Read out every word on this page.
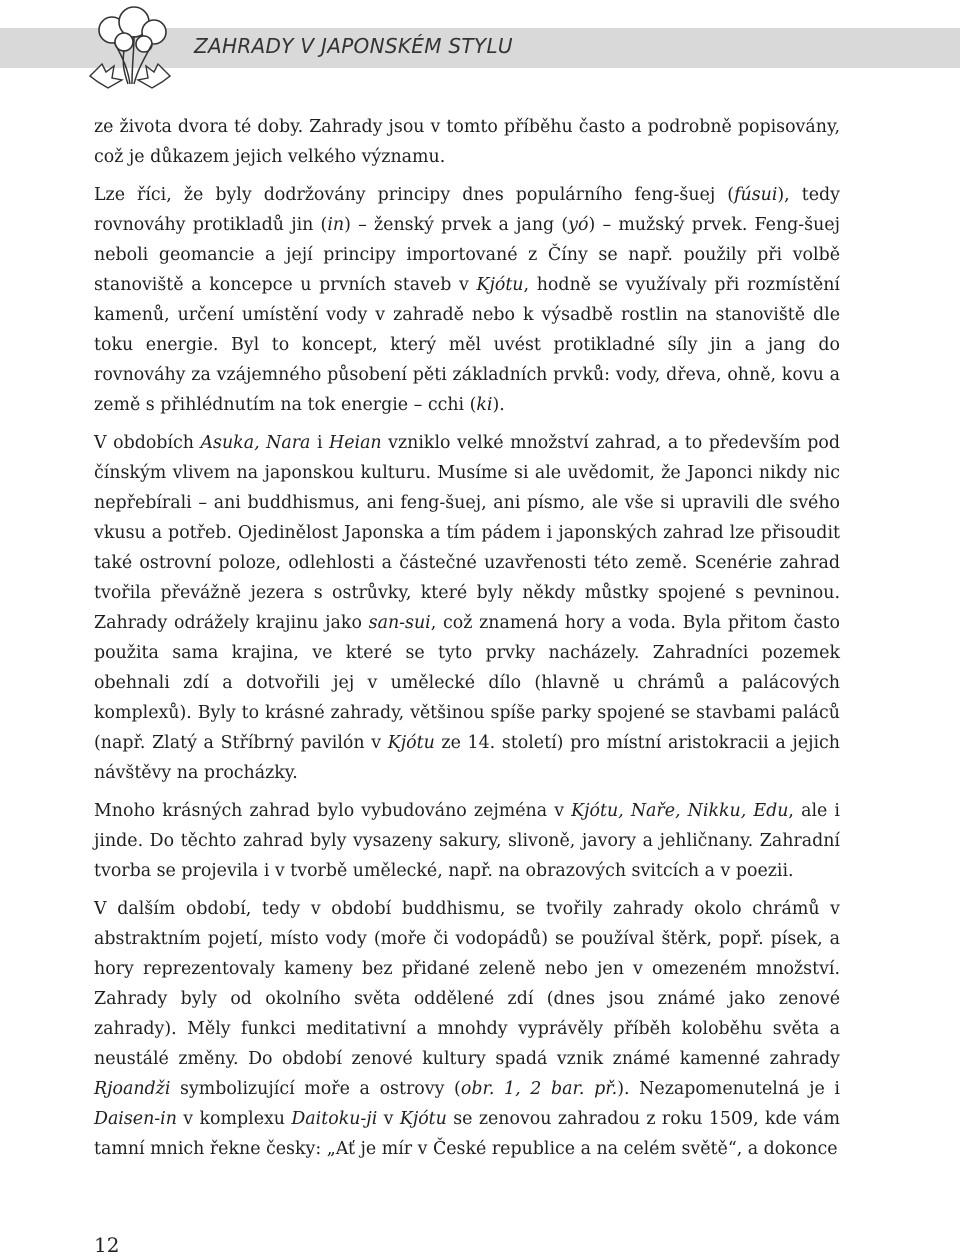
ZAHRADY V JAPONSKÉM STYLU

ze života dvora té doby. Zahrady jsou v tomto příběhu často a podrobně popisovány, což je důkazem jejich velkého významu.

Lze říci, že byly dodržovány principy dnes populárního feng-šuej (fúsui), tedy rovnováhy protikladů jin (in) – ženský prvek a jang (yó) – mužský prvek. Feng-šuej neboli geomancie a její principy importované z Číny se např. použily při volbě stanoviště a koncepce u prvních staveb v Kjótu, hodně se využívaly při rozmístění kamenů, určení umístění vody v zahradě nebo k výsadbě rostlin na stanoviště dle toku energie. Byl to koncept, který měl uvést protikladné síly jin a jang do rovnováhy za vzájemného působení pěti základních prvků: vody, dřeva, ohně, kovu a země s přihlédnutím na tok energie – cchi (ki).

V obdobích Asuka, Nara i Heian vzniklo velké množství zahrad, a to především pod čínským vlivem na japonskou kulturu. Musíme si ale uvědomit, že Japonci nikdy nic nepřebírali – ani buddhismus, ani feng-šuej, ani písmo, ale vše si upravili dle svého vkusu a potřeb. Ojedinělost Japonska a tím pádem i japonských zahrad lze přisoudit také ostrovní poloze, odlehlosti a částečné uzavřenosti této země. Scenérie zahrad tvořila převážně jezera s ostrůvky, které byly někdy můstky spojené s pevninou. Zahrady odrážely krajinu jako san-sui, což znamená hory a voda. Byla přitom často použita sama krajina, ve které se tyto prvky nacházely. Zahradníci pozemek obehnali zdí a dotvořili jej v umělecké dílo (hlavně u chrámů a palácových komplexů). Byly to krásné zahrady, většinou spíše parky spojené se stavbami paláců (např. Zlatý a Stříbrný pavilón v Kjótu ze 14. století) pro místní aristokracii a jejich návštěvy na procházky.

Mnoho krásných zahrad bylo vybudováno zejména v Kjótu, Naře, Nikku, Edu, ale i jinde. Do těchto zahrad byly vysazeny sakury, slivoně, javory a jehličnany. Zahradní tvorba se projevila i v tvorbě umělecké, např. na obrazových svitcích a v poezii.

V dalším období, tedy v období buddhismu, se tvořily zahrady okolo chrámů v abstraktním pojetí, místo vody (moře či vodopádů) se používal štěrk, popř. písek, a hory reprezentovaly kameny bez přidané zeleně nebo jen v omezeném množství. Zahrady byly od okolního světa oddělené zdí (dnes jsou známé jako zenové zahrady). Měly funkci meditativní a mnohdy vyprávěly příběh koloběhu světa a neustálé změny. Do období zenové kultury spadá vznik známé kamenné zahrady Rjoandži symbolizující moře a ostrovy (obr. 1, 2 bar. př.). Nezapomenutelná je i Daisen-in v komplexu Daitoku-ji v Kjótu se zenovou zahradou z roku 1509, kde vám tamní mnich řekne česky: „Ať je mír v České republice a na celém světě“, a dokonce

12
